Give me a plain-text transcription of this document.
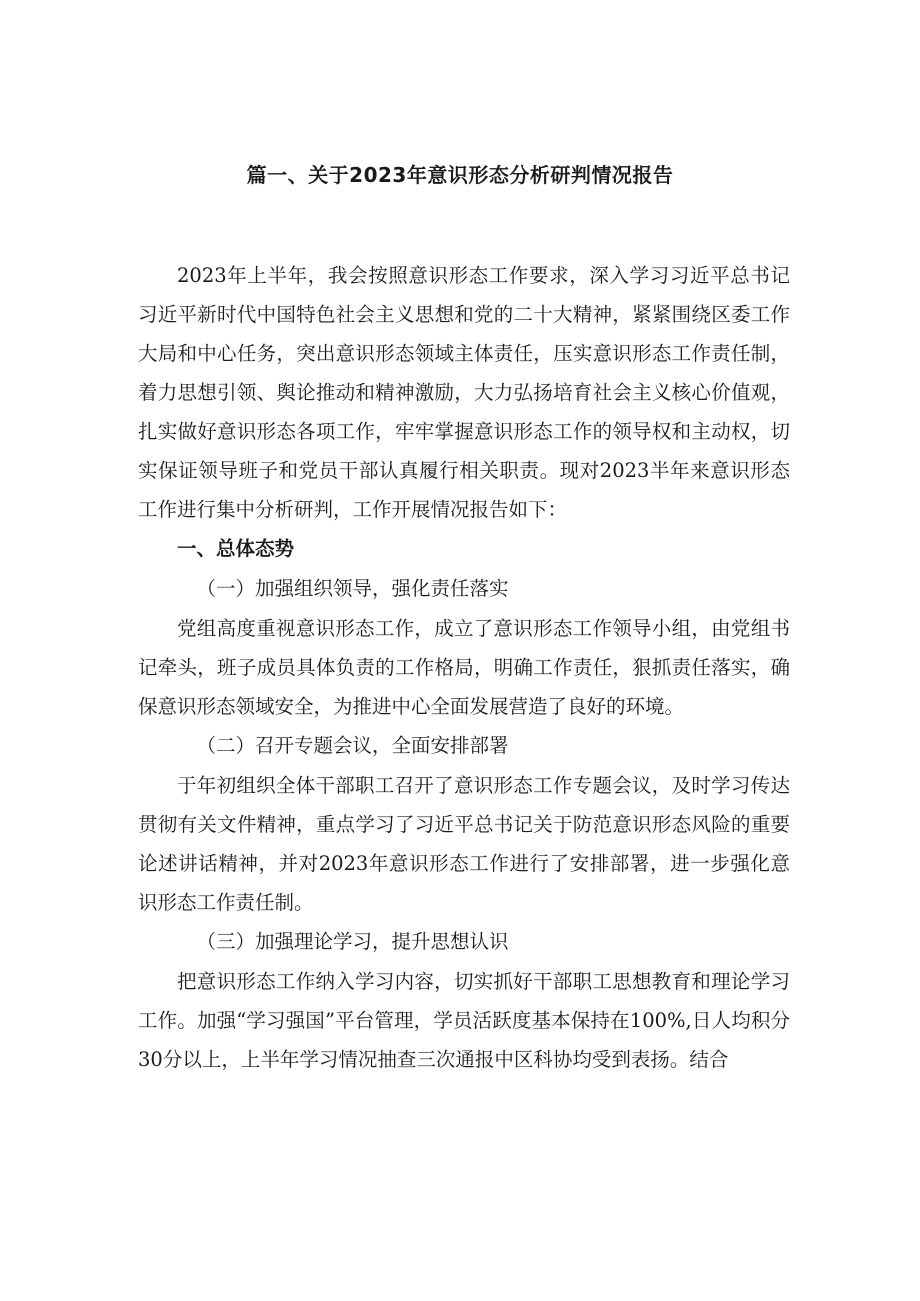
篇一、关于2023年意识形态分析研判情况报告

2023年上半年，我会按照意识形态工作要求，深入学习习近平总书记习近平新时代中国特色社会主义思想和党的二十大精神，紧紧围绕区委工作大局和中心任务，突出意识形态领域主体责任，压实意识形态工作责任制，着力思想引领、舆论推动和精神激励，大力弘扬培育社会主义核心价值观，扎实做好意识形态各项工作，牢牢掌握意识形态工作的领导权和主动权，切实保证领导班子和党员干部认真履行相关职责。现对2023半年来意识形态工作进行集中分析研判，工作开展情况报告如下：

一、总体态势
（一）加强组织领导，强化责任落实

党组高度重视意识形态工作，成立了意识形态工作领导小组，由党组书记牵头，班子成员具体负责的工作格局，明确工作责任，狠抓责任落实，确保意识形态领域安全，为推进中心全面发展营造了良好的环境。

（二）召开专题会议，全面安排部署

于年初组织全体干部职工召开了意识形态工作专题会议，及时学习传达贯彻有关文件精神，重点学习了习近平总书记关于防范意识形态风险的重要论述讲话精神，并对2023年意识形态工作进行了安排部署，进一步强化意识形态工作责任制。

（三）加强理论学习，提升思想认识

把意识形态工作纳入学习内容，切实抓好干部职工思想教育和理论学习工作。加强“学习强国”平台管理，学员活跃度基本保持在100%,日人均积分30分以上，上半年学习情况抽查三次通报中区科协均受到表扬。结合
